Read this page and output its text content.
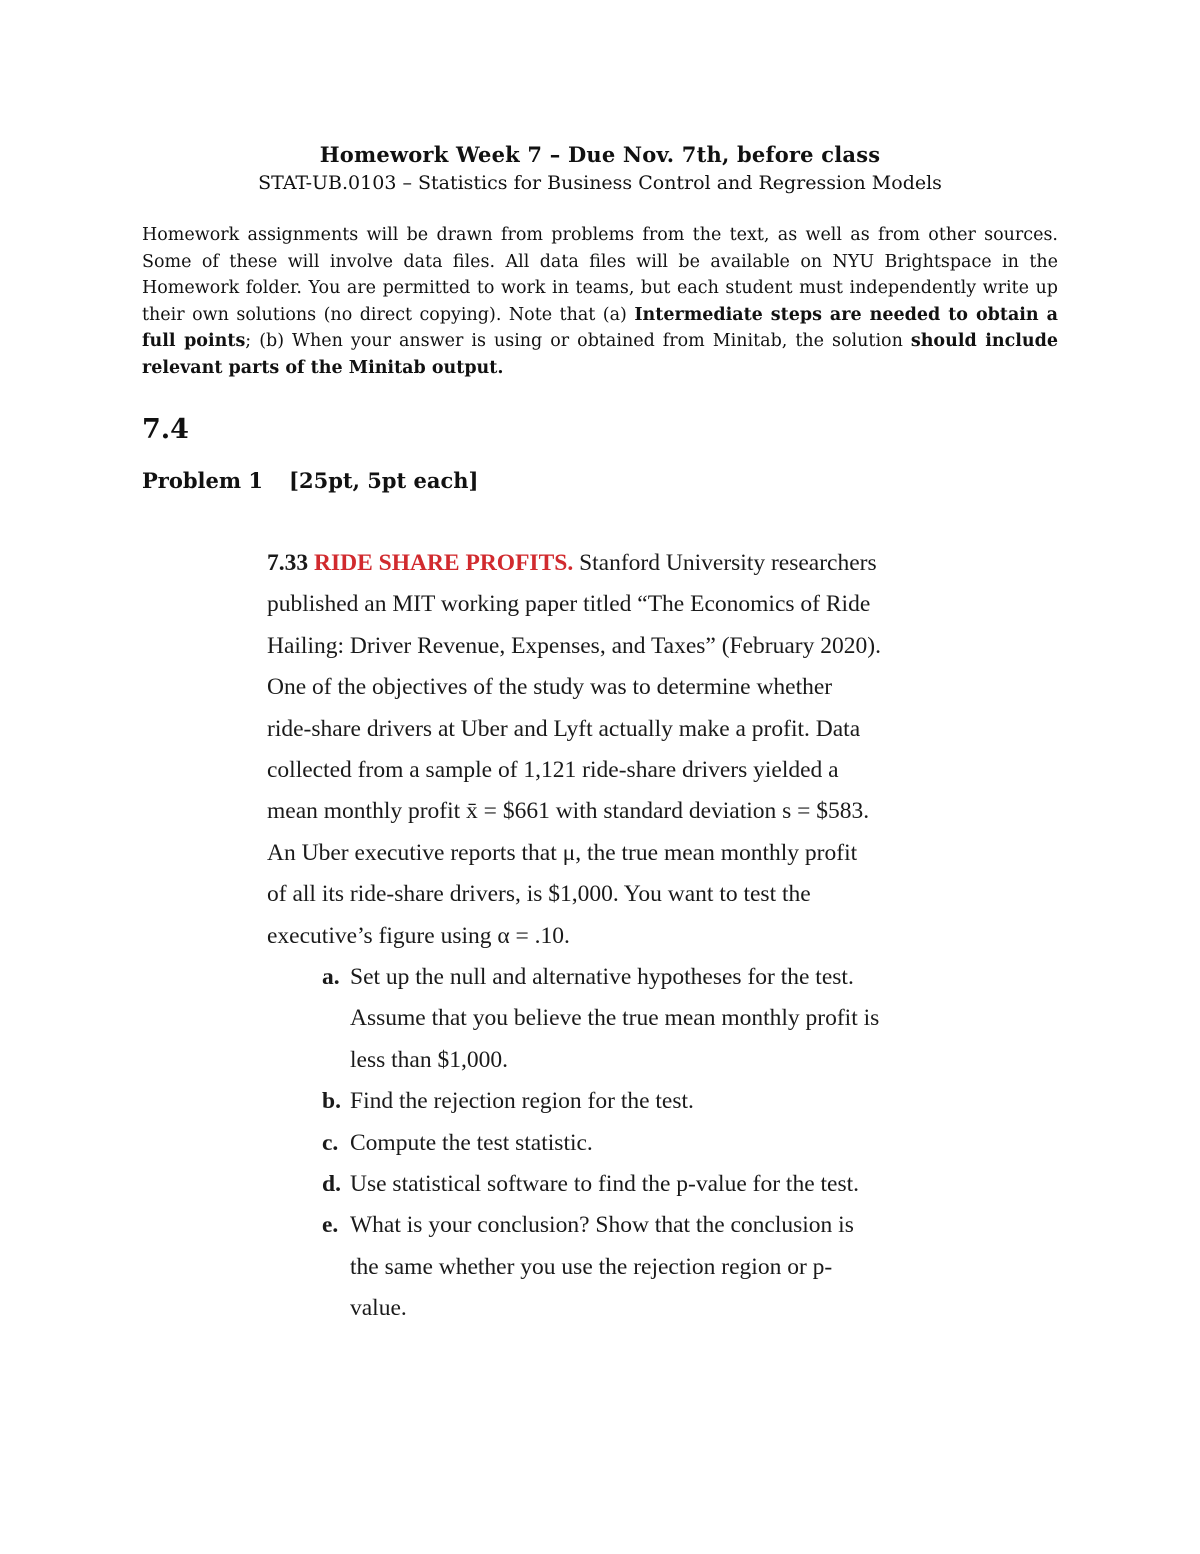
Homework Week 7 – Due Nov. 7th, before class
STAT-UB.0103 – Statistics for Business Control and Regression Models
Homework assignments will be drawn from problems from the text, as well as from other sources. Some of these will involve data files. All data files will be available on NYU Brightspace in the Homework folder. You are permitted to work in teams, but each student must independently write up their own solutions (no direct copying). Note that (a) Intermediate steps are needed to obtain a full points; (b) When your answer is using or obtained from Minitab, the solution should include relevant parts of the Minitab output.
7.4
Problem 1 [25pt, 5pt each]
7.33 RIDE SHARE PROFITS. Stanford University researchers
published an MIT working paper titled “The Economics of Ride
Hailing: Driver Revenue, Expenses, and Taxes” (February 2020).
One of the objectives of the study was to determine whether
ride-share drivers at Uber and Lyft actually make a profit. Data
collected from a sample of 1,121 ride-share drivers yielded a
mean monthly profit x̄ = $661 with standard deviation s = $583.
An Uber executive reports that μ, the true mean monthly profit
of all its ride-share drivers, is $1,000. You want to test the
executive’s figure using α = .10.
a. Set up the null and alternative hypotheses for the test.
Assume that you believe the true mean monthly profit is
less than $1,000.
b. Find the rejection region for the test.
c. Compute the test statistic.
d. Use statistical software to find the p-value for the test.
e. What is your conclusion? Show that the conclusion is
the same whether you use the rejection region or p-
value.
